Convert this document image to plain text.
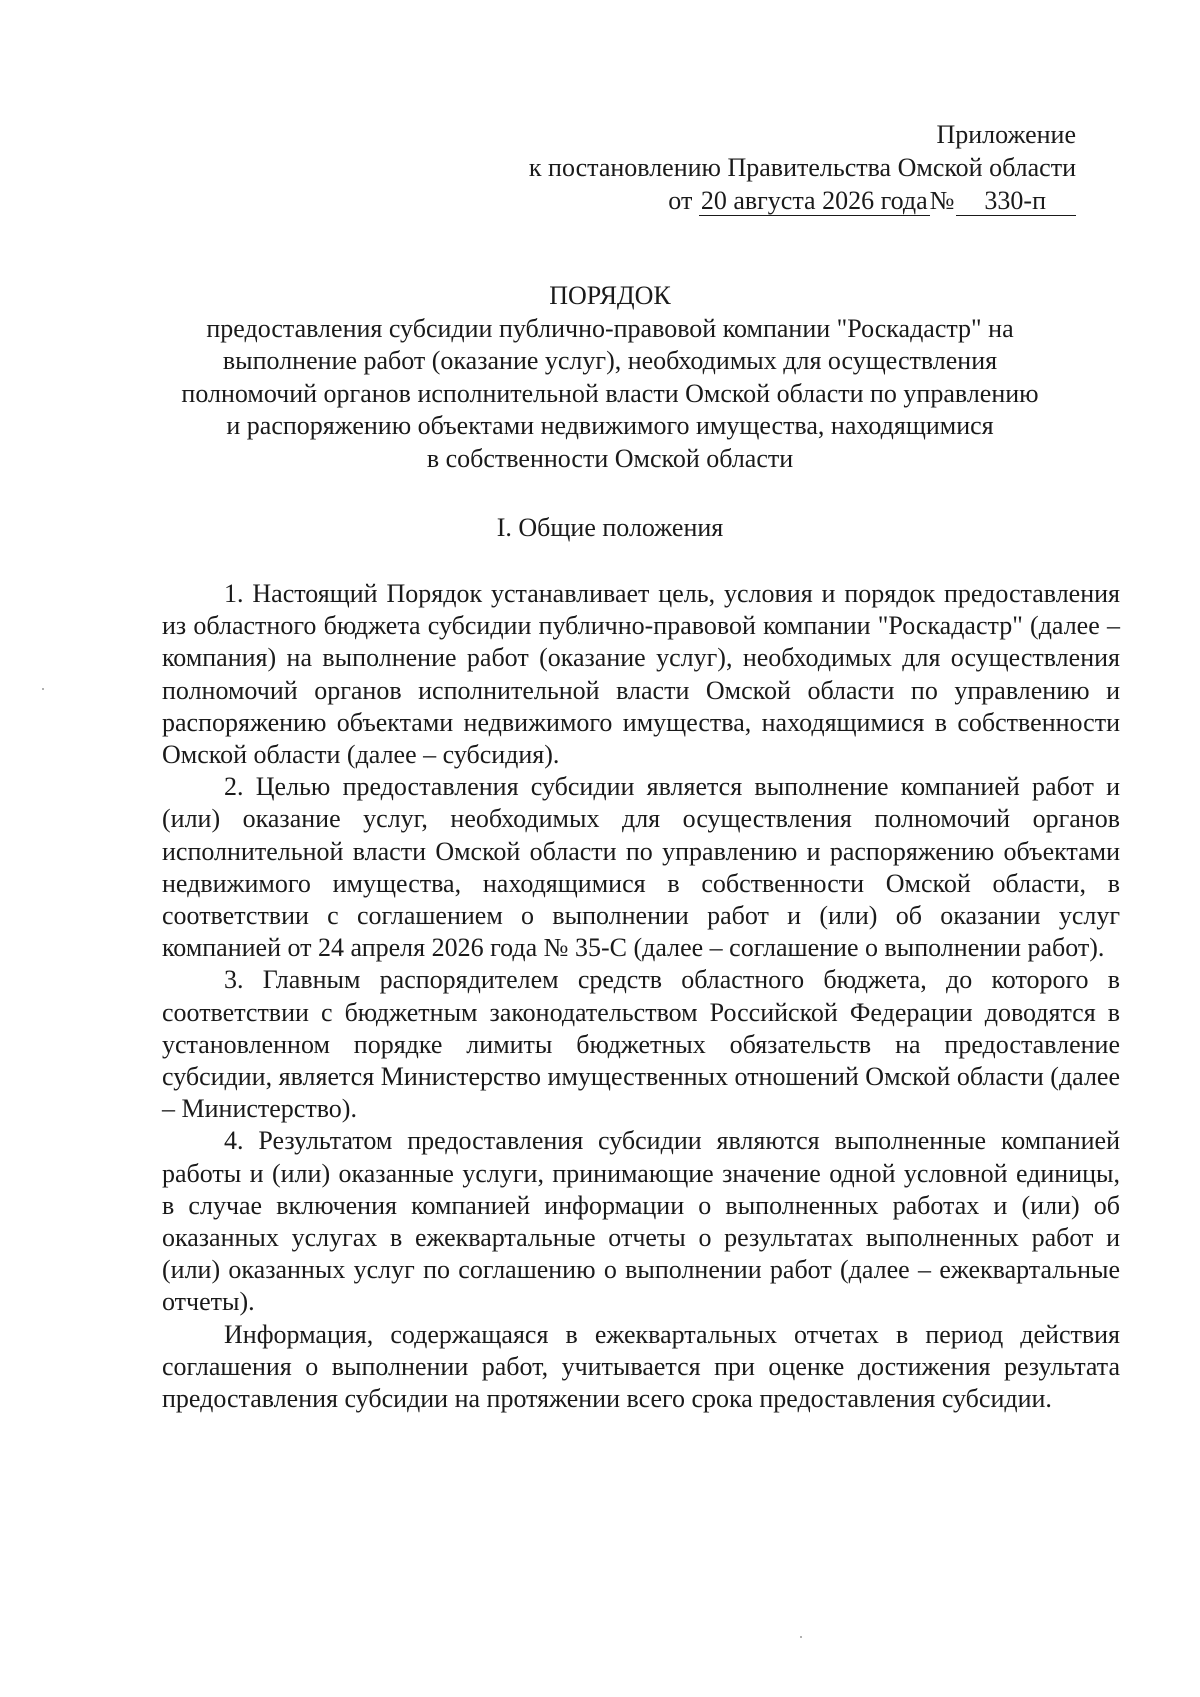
Приложение
к постановлению Правительства Омской области
от 20 августа 2026 года№ 330-п
ПОРЯДОК
предоставления субсидии публично-правовой компании "Роскадастр" на
выполнение работ (оказание услуг), необходимых для осуществления
полномочий органов исполнительной власти Омской области по управлению
и распоряжению объектами недвижимого имущества, находящимися
в собственности Омской области
I. Общие положения

1. Настоящий Порядок устанавливает цель, условия и порядок предоставления из областного бюджета субсидии публично-правовой компании "Роскадастр" (далее – компания) на выполнение работ (оказание услуг), необходимых для осуществления полномочий органов исполнительной власти Омской области по управлению и распоряжению объектами недвижимого имущества, находящимися в собственности Омской области (далее – субсидия).

2. Целью предоставления субсидии является выполнение компанией работ и (или) оказание услуг, необходимых для осуществления полномочий органов исполнительной власти Омской области по управлению и распоряжению объектами недвижимого имущества, находящимися в собственности Омской области, в соответствии с соглашением о выполнении работ и (или) об оказании услуг компанией от 24 апреля 2026 года № 35-С (далее – соглашение о выполнении работ).

3. Главным распорядителем средств областного бюджета, до которого в соответствии с бюджетным законодательством Российской Федерации доводятся в установленном порядке лимиты бюджетных обязательств на предоставление субсидии, является Министерство имущественных отношений Омской области (далее – Министерство).

4. Результатом предоставления субсидии являются выполненные компанией работы и (или) оказанные услуги, принимающие значение одной условной единицы, в случае включения компанией информации о выполненных работах и (или) об оказанных услугах в ежеквартальные отчеты о результатах выполненных работ и (или) оказанных услуг по соглашению о выполнении работ (далее – ежеквартальные отчеты).

Информация, содержащаяся в ежеквартальных отчетах в период действия соглашения о выполнении работ, учитывается при оценке достижения результата предоставления субсидии на протяжении всего срока предоставления субсидии.
